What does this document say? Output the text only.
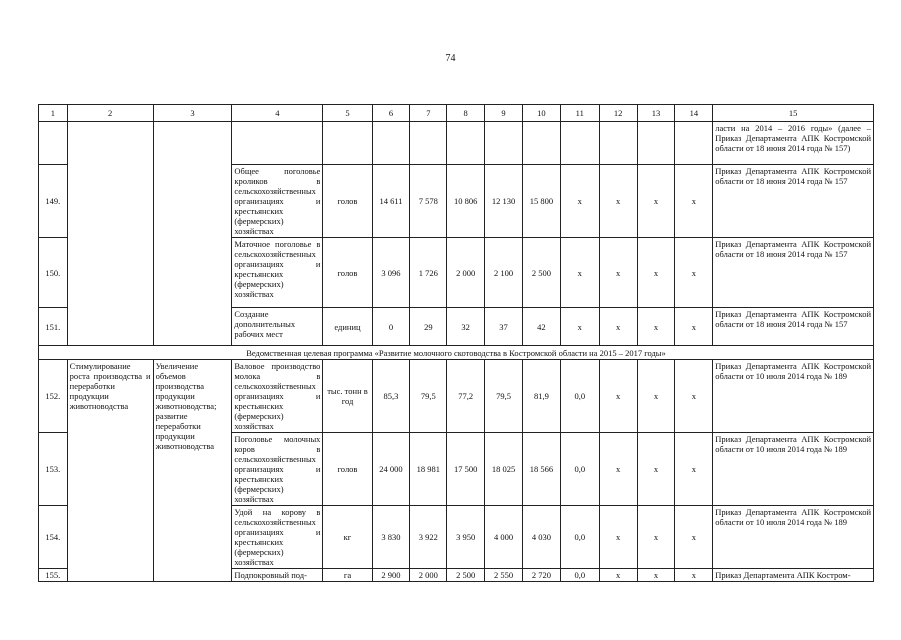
74
1	2	3	4	5	6	7	8	9	10	11	12	13	14	15
														ласти на 2014 – 2016 годы» (далее – Приказ Департамента АПК Костромской области от 18 июня 2014 года № 157)
149.			Общее поголовье кроликов в сельскохозяйственных организациях и крестьянских (фермерских) хозяйствах	голов	14 611	7 578	10 806	12 130	15 800	х	х	х	х	Приказ Департамента АПК Костромской области от 18 июня 2014 года № 157
150.			Маточное поголовье в сельскохозяйственных организациях и крестьянских (фермерских) хозяйствах	голов	3 096	1 726	2 000	2 100	2 500	х	х	х	х	Приказ Департамента АПК Костромской области от 18 июня 2014 года № 157
151.			Создание дополнительных рабочих мест	единиц	0	29	32	37	42	х	х	х	х	Приказ Департамента АПК Костромской области от 18 июня 2014 года № 157
Ведомственная целевая программа «Развитие молочного скотоводства в Костромской области на 2015 – 2017 годы»														
152.	Стимулирование роста производства и переработки продукции животноводства	Увеличение объемов производства продукции животноводства; развитие переработки продукции животноводства	Валовое производство молока в сельскохозяйственных организациях и крестьянских (фермерских) хозяйствах	тыс. тонн в год	85,3	79,5	77,2	79,5	81,9	0,0	х	х	х	Приказ Департамента АПК Костромской области от 10 июля 2014 года № 189
153.			Поголовье молочных коров в сельскохозяйственных организациях и крестьянских (фермерских) хозяйствах	голов	24 000	18 981	17 500	18 025	18 566	0,0	х	х	х	Приказ Департамента АПК Костромской области от 10 июля 2014 года № 189
154.			Удой на корову в сельскохозяйственных организациях и крестьянских (фермерских) хозяйствах	кг	3 830	3 922	3 950	4 000	4 030	0,0	х	х	х	Приказ Департамента АПК Костромской области от 10 июля 2014 года № 189
155.			Подпокровный под-	га	2 900	2 000	2 500	2 550	2 720	0,0	х	х	х	Приказ Департамента АПК Костром-
